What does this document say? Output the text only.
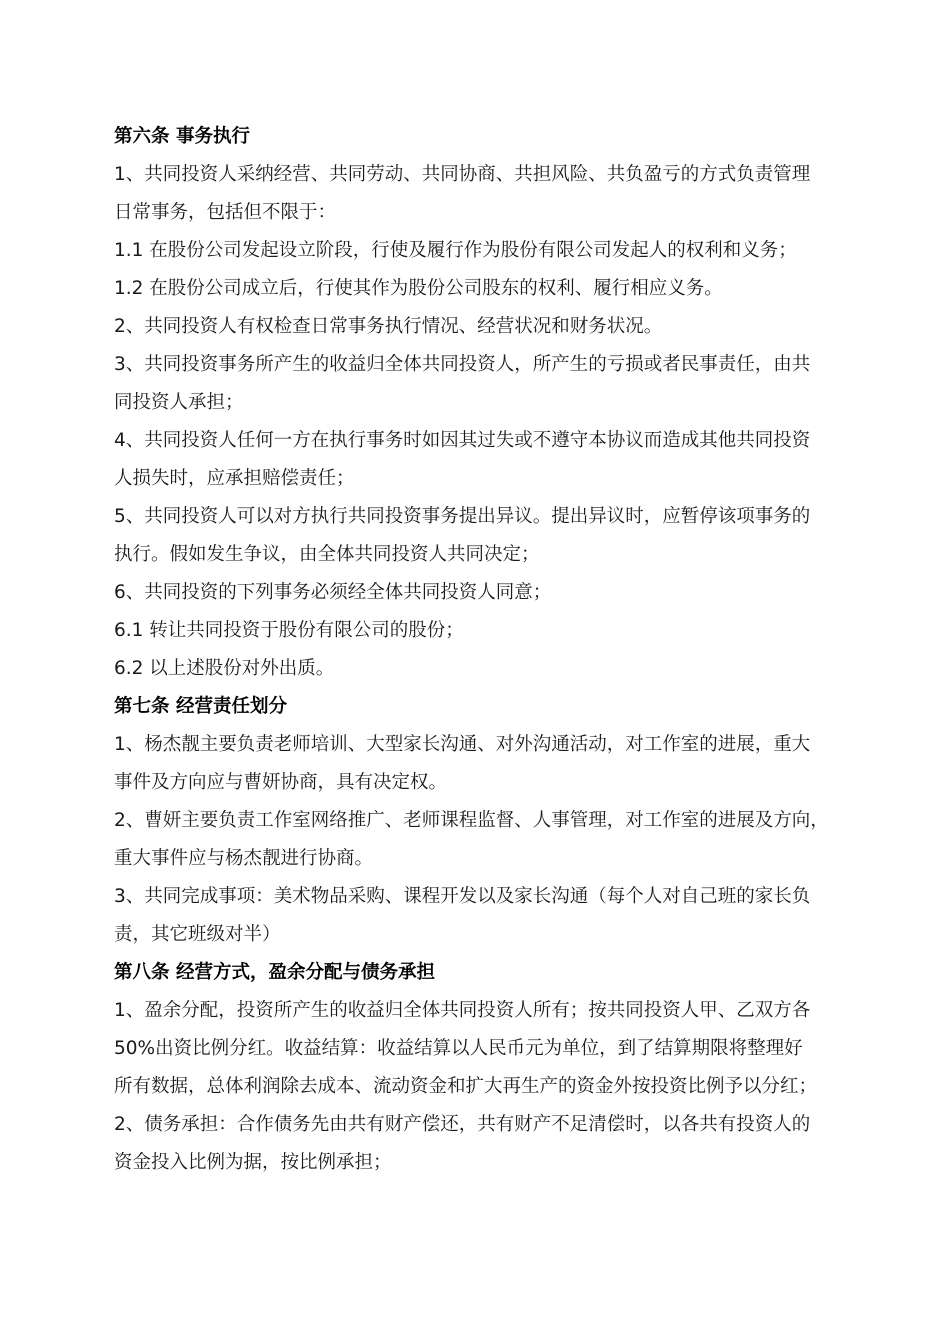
第六条 事务执行
1、共同投资人采纳经营、共同劳动、共同协商、共担风险、共负盈亏的方式负责管理
日常事务，包括但不限于：
1.1 在股份公司发起设立阶段，行使及履行作为股份有限公司发起人的权利和义务；
1.2 在股份公司成立后，行使其作为股份公司股东的权利、履行相应义务。
2、共同投资人有权检查日常事务执行情况、经营状况和财务状况。
3、共同投资事务所产生的收益归全体共同投资人，所产生的亏损或者民事责任，由共
同投资人承担；
4、共同投资人任何一方在执行事务时如因其过失或不遵守本协议而造成其他共同投资
人损失时，应承担赔偿责任；
5、共同投资人可以对方执行共同投资事务提出异议。提出异议时，应暂停该项事务的
执行。假如发生争议，由全体共同投资人共同决定；
6、共同投资的下列事务必须经全体共同投资人同意；
6.1 转让共同投资于股份有限公司的股份；
6.2 以上述股份对外出质。
第七条 经营责任划分
1、杨杰靓主要负责老师培训、大型家长沟通、对外沟通活动，对工作室的进展，重大
事件及方向应与曹妍协商，具有决定权。
2、曹妍主要负责工作室网络推广、老师课程监督、人事管理，对工作室的进展及方向，
重大事件应与杨杰靓进行协商。
3、共同完成事项：美术物品采购、课程开发以及家长沟通（每个人对自己班的家长负
责，其它班级对半）
第八条 经营方式，盈余分配与债务承担
1、盈余分配，投资所产生的收益归全体共同投资人所有；按共同投资人甲、乙双方各
50%出资比例分红。收益结算：收益结算以人民币元为单位，到了结算期限将整理好
所有数据，总体利润除去成本、流动资金和扩大再生产的资金外按投资比例予以分红；
2、债务承担：合作债务先由共有财产偿还，共有财产不足清偿时，以各共有投资人的
资金投入比例为据，按比例承担；
